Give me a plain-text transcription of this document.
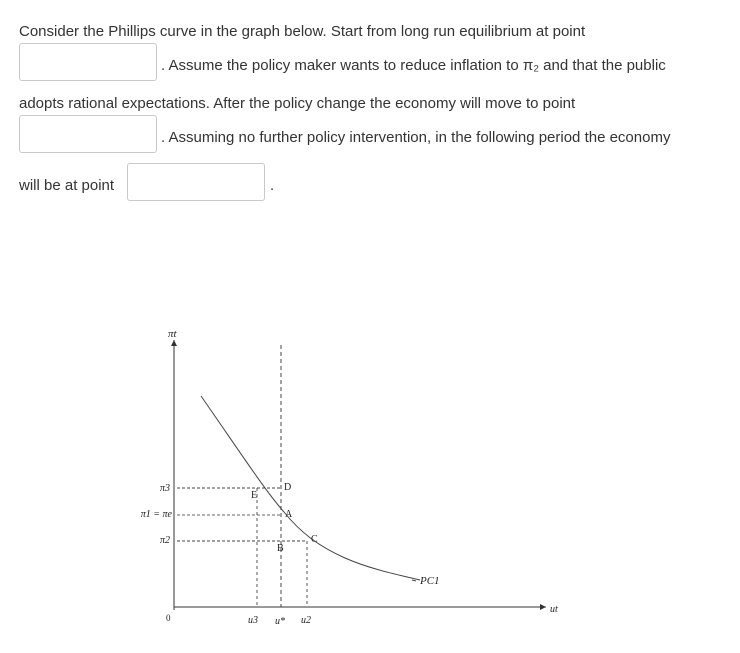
Consider the Phillips curve in the graph below. Start from long run equilibrium at point
. Assume the policy maker wants to reduce inflation to π₂ and that the public
adopts rational expectations. After the policy change the economy will move to point
. Assuming no further policy intervention, in the following period the economy
will be at point	.
πt
π3
π1 = πe
π2
0	u3 u* u2
ut
D
E
A
B
C
PC1
